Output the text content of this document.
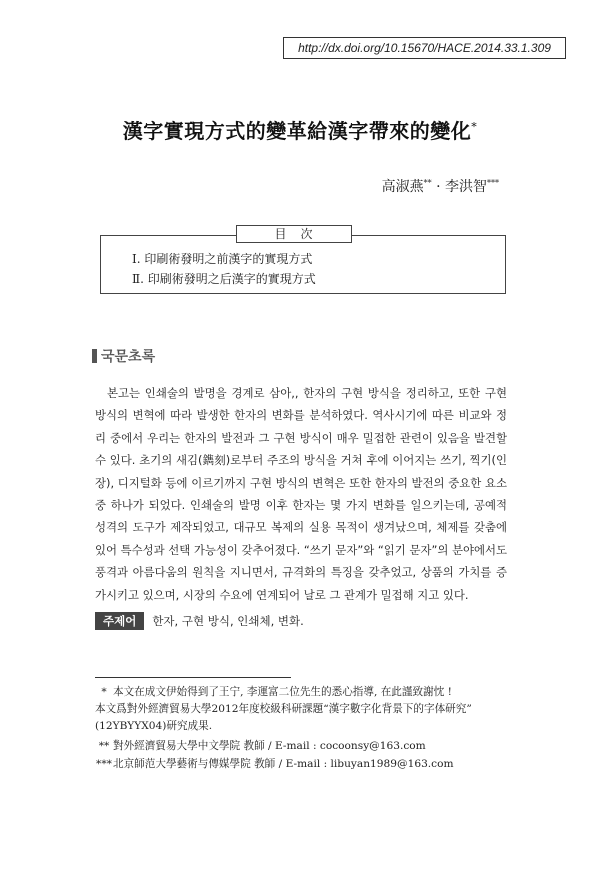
http://dx.doi.org/10.15670/HACE.2014.33.1.309
漢字實現方式的變革給漢字帶來的變化*
高淑燕** · 李洪智***
目　次
Ⅰ. 印刷術發明之前漢字的實現方式
Ⅱ. 印刷術發明之后漢字的實現方式
국문초록

본고는 인쇄술의 발명을 경계로 삼아,, 한자의 구현 방식을 정리하고, 또한 구현 방식의 변혁에 따라 발생한 한자의 변화를 분석하였다. 역사시기에 따른 비교와 정리 중에서 우리는 한자의 발전과 그 구현 방식이 매우 밀접한 관련이 있음을 발견할 수 있다. 초기의 새김(鐫刻)로부터 주조의 방식을 거쳐 후에 이어지는 쓰기, 찍기(인장), 디지털화 등에 이르기까지 구현 방식의 변혁은 또한 한자의 발전의 중요한 요소 중 하나가 되었다. 인쇄술의 발명 이후 한자는 몇 가지 변화를 일으키는데, 공예적 성격의 도구가 제작되었고, 대규모 복제의 실용 목적이 생겨났으며, 체제를 갖춤에 있어 특수성과 선택 가능성이 갖추어졌다. “쓰기 문자”와 “읽기 문자”의 분야에서도 풍격과 아름다움의 원칙을 지니면서, 규격화의 특징을 갖추었고, 상품의 가치를 증가시키고 있으며, 시장의 수요에 연계되어 날로 그 관계가 밀접해 지고 있다.

주제어 한자, 구현 방식, 인쇄체, 변화.
* 本文在成文伊始得到了王宁, 李運富二位先生的悉心指導, 在此謹致謝忱 !
本文爲對外經濟貿易大學2012年度校級科研課題“漢字數字化背景下的字体研究”
(12YBYYX04)研究成果.
** 對外經濟貿易大學中文學院 教師 / E-mail : cocoonsy@163.com
***北京師范大學藝術与傳媒學院 教師 / E-mail : libuyan1989@163.com
